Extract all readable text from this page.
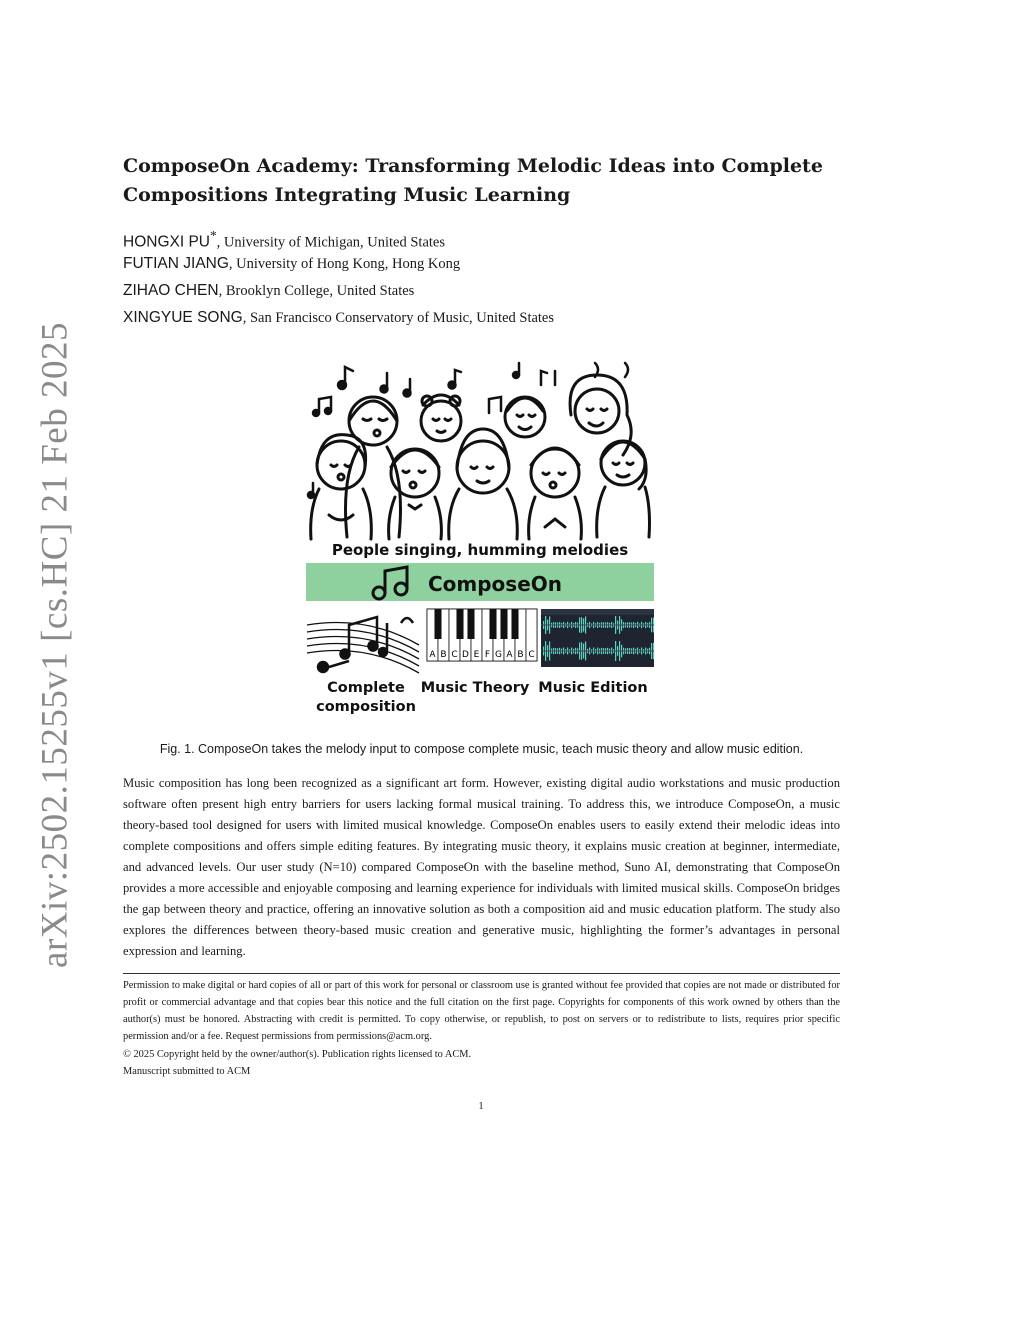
arXiv:2502.15255v1 [cs.HC] 21 Feb 2025
ComposeOn Academy: Transforming Melodic Ideas into Complete Compositions Integrating Music Learning
HONGXI PU*, University of Michigan, United States
FUTIAN JIANG, University of Hong Kong, Hong Kong
ZIHAO CHEN, Brooklyn College, United States
XINGYUE SONG, San Francisco Conservatory of Music, United States
People singing, humming melodies
ComposeOn
A B C D E F G A B C
Complete
composition
Music Theory Music Edition

Fig. 1. ComposeOn takes the melody input to compose complete music, teach music theory and allow music edition.

Music composition has long been recognized as a significant art form. However, existing digital audio workstations and music production software often present high entry barriers for users lacking formal musical training. To address this, we introduce ComposeOn, a music theory-based tool designed for users with limited musical knowledge. ComposeOn enables users to easily extend their melodic ideas into complete compositions and offers simple editing features. By integrating music theory, it explains music creation at beginner, intermediate, and advanced levels. Our user study (N=10) compared ComposeOn with the baseline method, Suno AI, demonstrating that ComposeOn provides a more accessible and enjoyable composing and learning experience for individuals with limited musical skills. ComposeOn bridges the gap between theory and practice, offering an innovative solution as both a composition aid and music education platform. The study also explores the differences between theory-based music creation and generative music, highlighting the former’s advantages in personal expression and learning.

Permission to make digital or hard copies of all or part of this work for personal or classroom use is granted without fee provided that copies are not made or distributed for profit or commercial advantage and that copies bear this notice and the full citation on the first page. Copyrights for components of this work owned by others than the author(s) must be honored. Abstracting with credit is permitted. To copy otherwise, or republish, to post on servers or to redistribute to lists, requires prior specific permission and/or a fee. Request permissions from permissions@acm.org.

© 2025 Copyright held by the owner/author(s). Publication rights licensed to ACM.
Manuscript submitted to ACM
1
